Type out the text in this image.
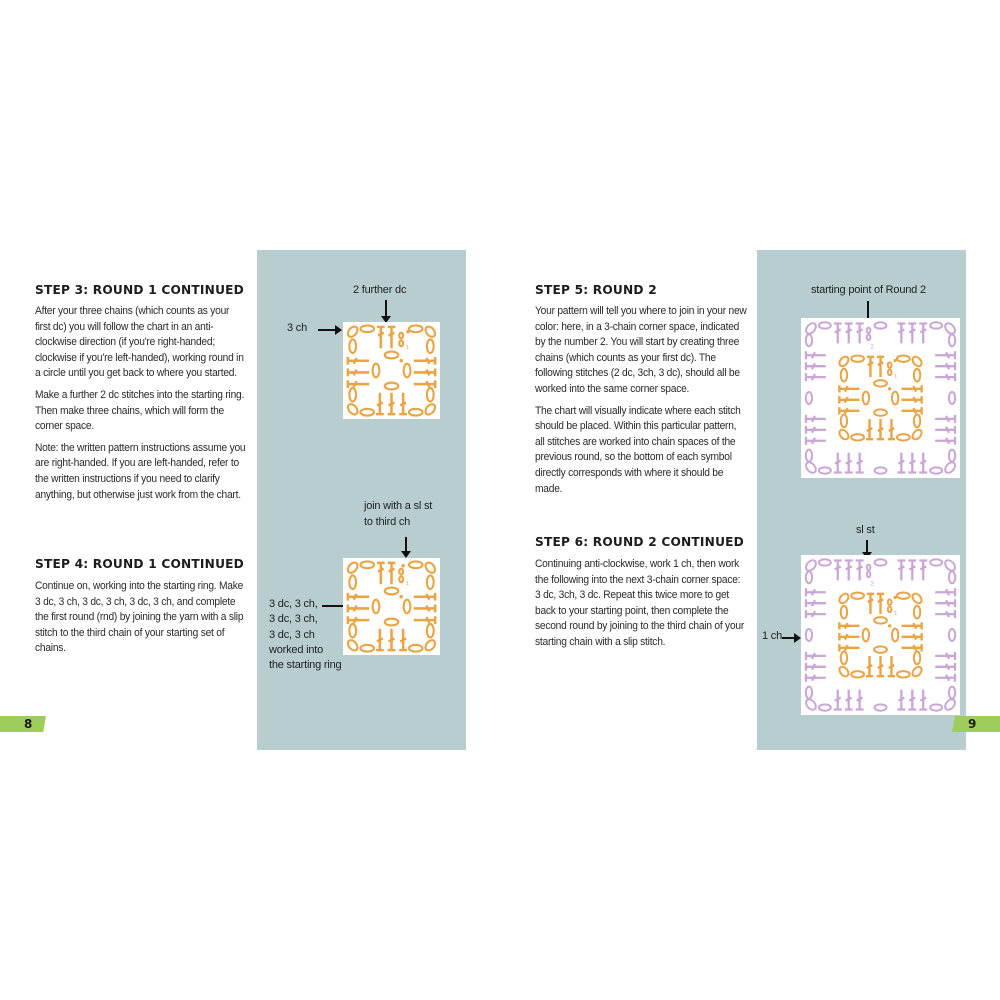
STEP 3: ROUND 1 CONTINUED

After your three chains (which counts as your first dc) you will follow the chart in an anti-clockwise direction (if you're right-handed; clockwise if you're left-handed), working round in a circle until you get back to where you started.

Make a further 2 dc stitches into the starting ring. Then make three chains, which will form the corner space.

Note: the written pattern instructions assume you are right-handed. If you are left-handed, refer to the written instructions if you need to clarify anything, but otherwise just work from the chart.

STEP 4: ROUND 1 CONTINUED

Continue on, working into the starting ring. Make 3 dc, 3 ch, 3 dc, 3 ch, 3 dc, 3 ch, and complete the first round (rnd) by joining the yarn with a slip stitch to the third chain of your starting set of chains.

8
2 further dc
3 ch
1
join with a sl st
to third ch
3 dc, 3 ch,
3 dc, 3 ch,
3 dc, 3 ch
worked into
the starting ring
1
STEP 5: ROUND 2

Your pattern will tell you where to join in your new color: here, in a 3-chain corner space, indicated by the number 2. You will start by creating three chains (which counts as your first dc). The following stitches (2 dc, 3ch, 3 dc), should all be worked into the same corner space.

The chart will visually indicate where each stitch should be placed. Within this particular pattern, all stitches are worked into chain spaces of the previous round, so the bottom of each symbol directly corresponds with where it should be made.

STEP 6: ROUND 2 CONTINUED

Continuing anti-clockwise, work 1 ch, then work the following into the next 3-chain corner space: 3 dc, 3ch, 3 dc. Repeat this twice more to get back to your starting point, then complete the second round by joining to the third chain of your starting chain with a slip stitch.

9
starting point of Round 2
2
1
sl st
1 ch
2
1
